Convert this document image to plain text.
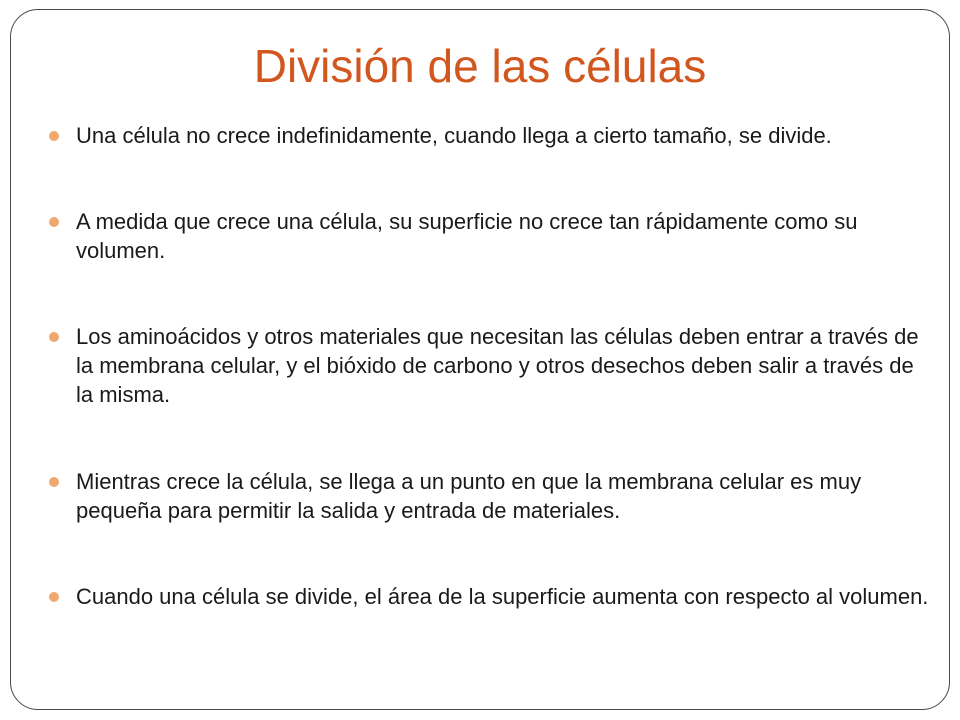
División de las células
Una célula no crece indefinidamente, cuando llega a cierto tamaño, se divide.
A medida que crece una célula, su superficie no crece tan rápidamente como su volumen.
Los aminoácidos y otros materiales que necesitan las células deben entrar a través de la membrana celular, y el bióxido de carbono y otros desechos deben salir a través de la misma.
Mientras crece la célula, se llega a un punto en que la membrana celular es muy pequeña para permitir la salida y entrada de materiales.
Cuando una célula se divide, el área de la superficie aumenta con respecto al volumen.
